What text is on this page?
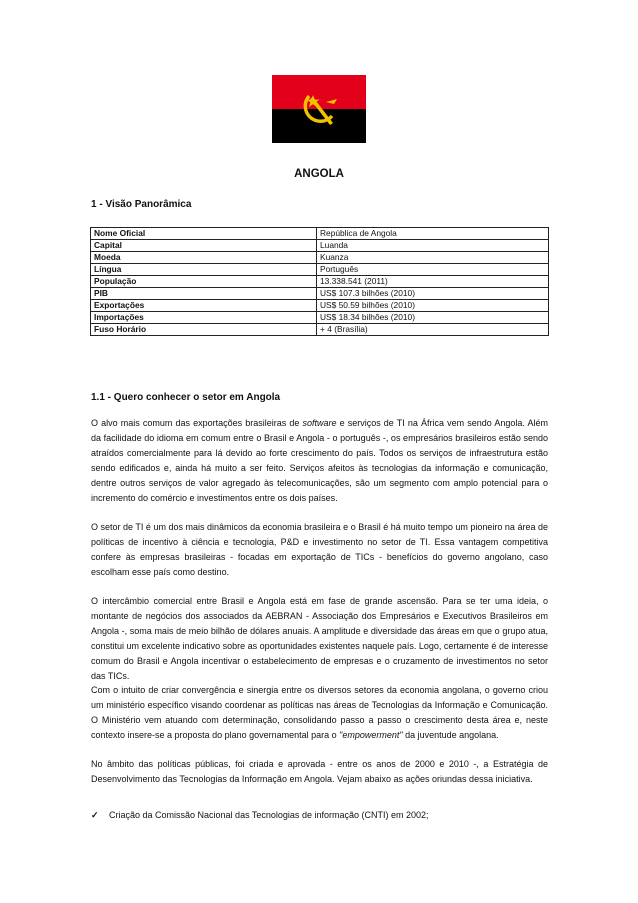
ANGOLA
1 - Visão Panorâmica
Nome Oficial	República de Angola
Capital	Luanda
Moeda	Kuanza
Língua	Português
População	13.338.541 (2011)
PIB	US$ 107.3 bilhões (2010)
Exportações	US$ 50.59 bilhões (2010)
Importações	US$ 18.34 bilhões (2010)
Fuso Horário	+ 4 (Brasília)
1.1 - Quero conhecer o setor em Angola

O alvo mais comum das exportações brasileiras de software e serviços de TI na África vem sendo Angola. Além da facilidade do idioma em comum entre o Brasil e Angola - o português -, os empresários brasileiros estão sendo atraídos comercialmente para lá devido ao forte crescimento do país. Todos os serviços de infraestrutura estão sendo edificados e, ainda há muito a ser feito. Serviços afeitos às tecnologias da informação e comunicação, dentre outros serviços de valor agregado às telecomunicações, são um segmento com amplo potencial para o incremento do comércio e investimentos entre os dois países.

O setor de TI é um dos mais dinâmicos da economia brasileira e o Brasil é há muito tempo um pioneiro na área de políticas de incentivo à ciência e tecnologia, P&D e investimento no setor de TI. Essa vantagem competitiva confere às empresas brasileiras - focadas em exportação de TICs - benefícios do governo angolano, caso escolham esse país como destino.

O intercâmbio comercial entre Brasil e Angola está em fase de grande ascensão. Para se ter uma ideia, o montante de negócios dos associados da AEBRAN - Associação dos Empresários e Executivos Brasileiros em Angola -, soma mais de meio bilhão de dólares anuais. A amplitude e diversidade das áreas em que o grupo atua, constitui um excelente indicativo sobre as oportunidades existentes naquele país. Logo, certamente é de interesse comum do Brasil e Angola incentivar o estabelecimento de empresas e o cruzamento de investimentos no setor das TICs.

Com o intuito de criar convergência e sinergia entre os diversos setores da economia angolana, o governo criou um ministério específico visando coordenar as políticas nas áreas de Tecnologias da Informação e Comunicação. O Ministério vem atuando com determinação, consolidando passo a passo o crescimento desta área e, neste contexto insere-se a proposta do plano governamental para o "empowerment" da juventude angolana.

No âmbito das políticas públicas, foi criada e aprovada - entre os anos de 2000 e 2010 -, a Estratégia de Desenvolvimento das Tecnologias da Informação em Angola. Vejam abaixo as ações oriundas dessa iniciativa.

✓ Criação da Comissão Nacional das Tecnologias de informação (CNTI) em 2002;
